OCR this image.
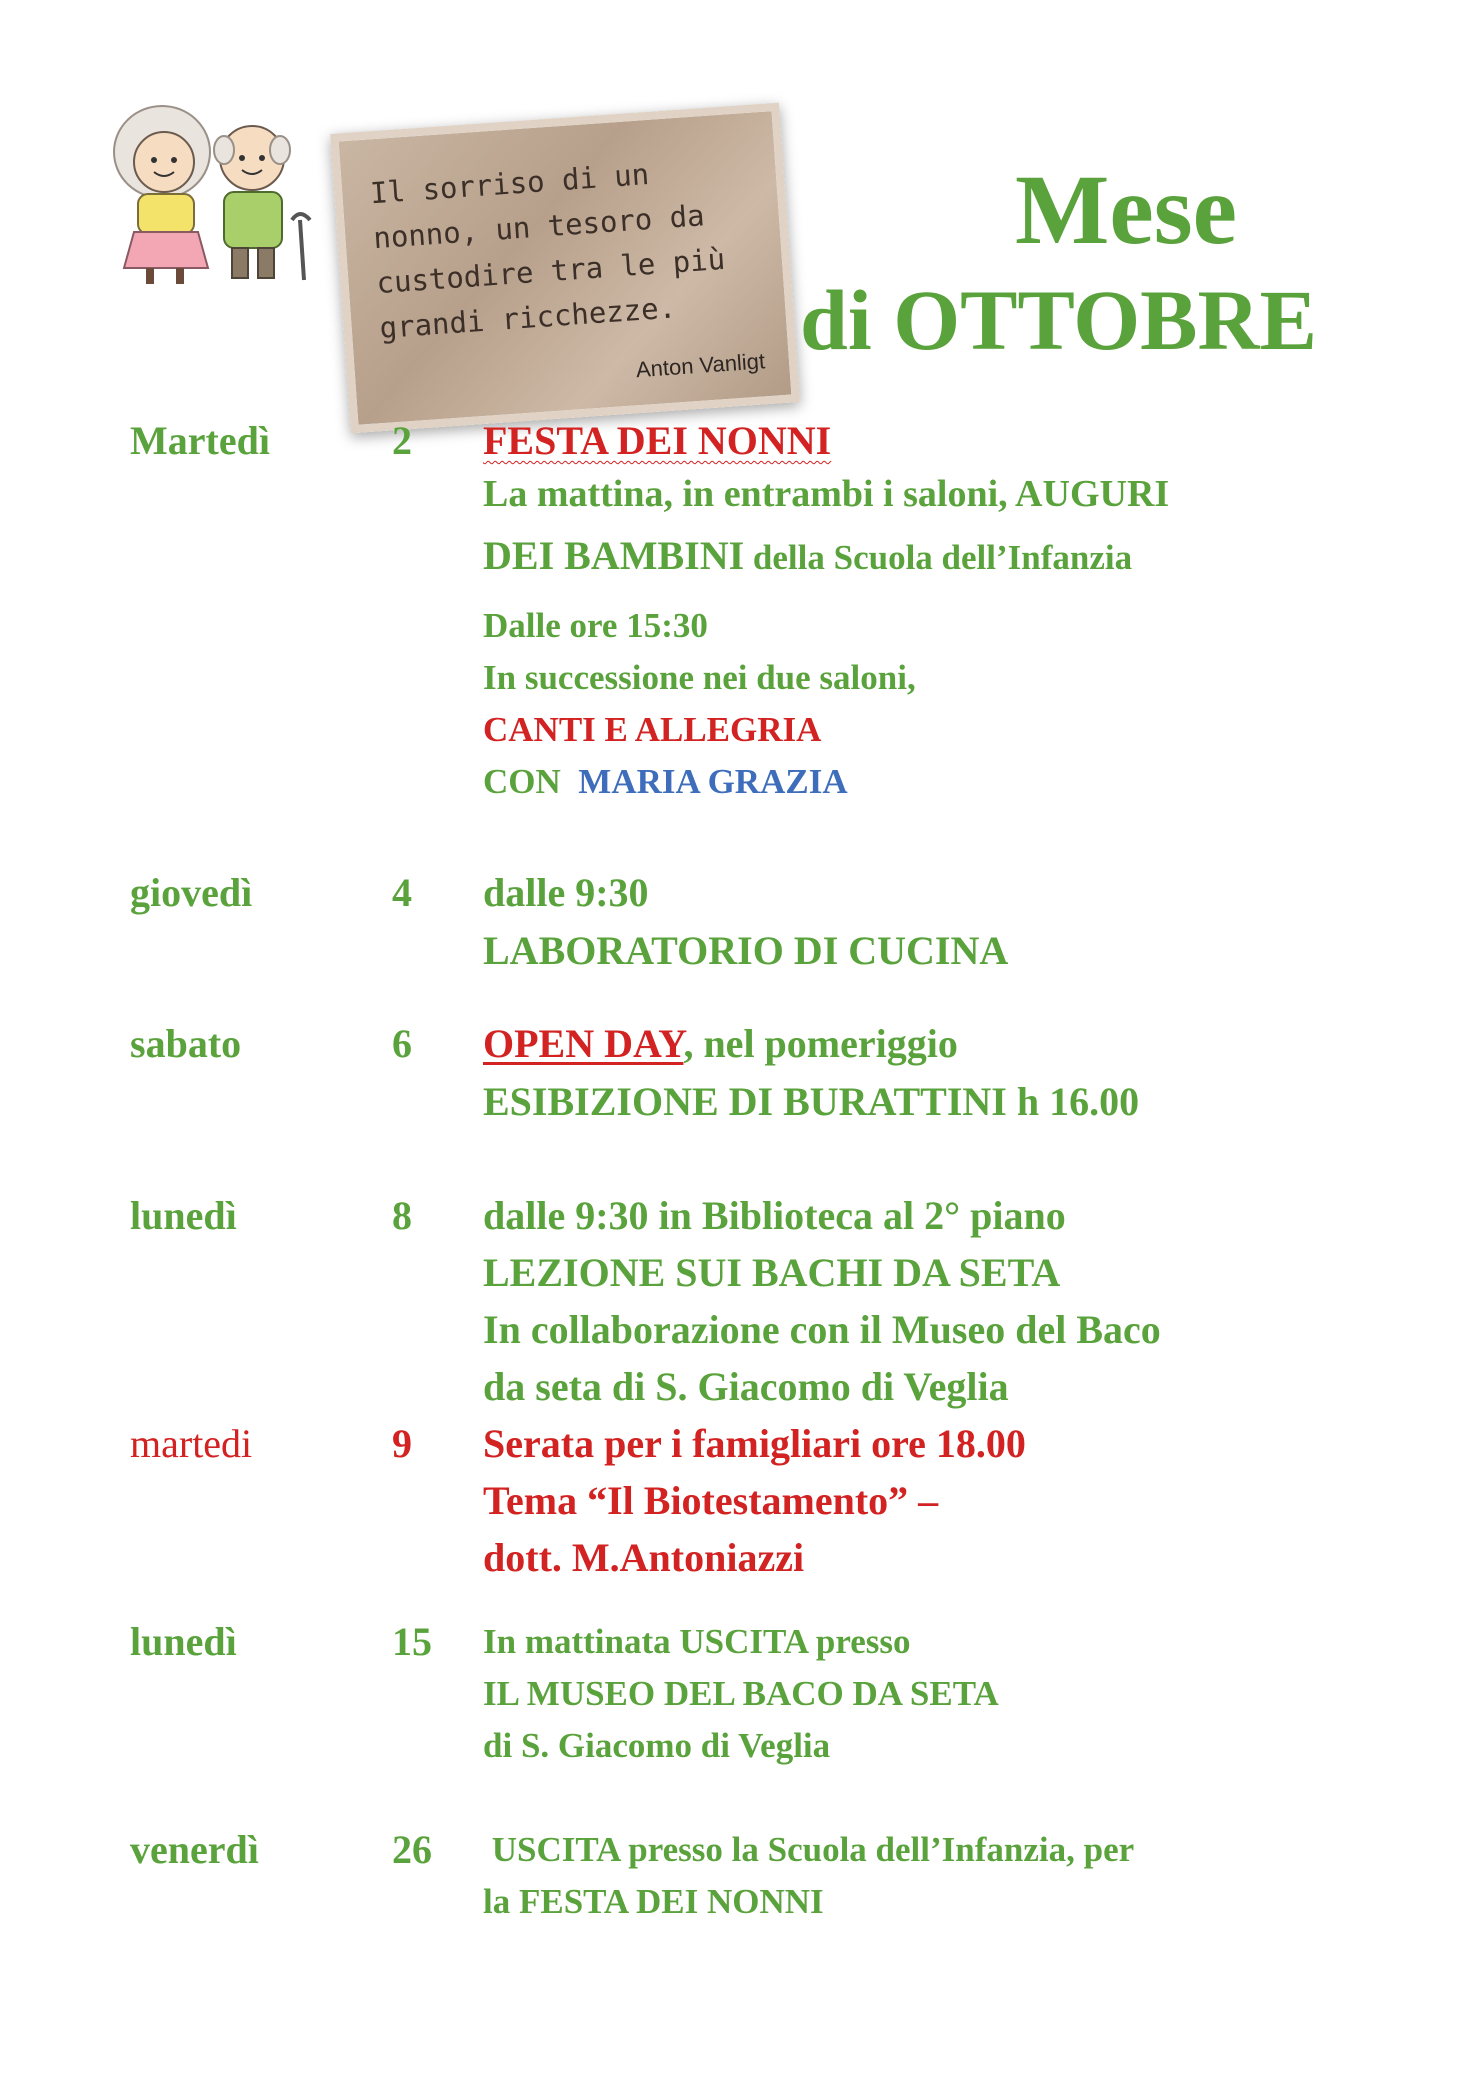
Il sorriso di un
nonno, un tesoro da
custodire tra le più
grandi ricchezze.
Anton Vanligt
Mese
di OTTOBRE
Martedì	2 FESTA DEI NONNI
La mattina, in entrambi i saloni, AUGURI
DEI BAMBINI della Scuola dell’Infanzia
Dalle ore 15:30
In successione nei due saloni,
CANTI E ALLEGRIA
CON  MARIA GRAZIA
giovedì	4 dalle 9:30
LABORATORIO DI CUCINA
sabato	6 OPEN DAY, nel pomeriggio
ESIBIZIONE DI BURATTINI h 16.00
lunedì	8 dalle 9:30 in Biblioteca al 2° piano
LEZIONE SUI BACHI DA SETA
In collaborazione con il Museo del Baco
da seta di S. Giacomo di Veglia
martedi	9 Serata per i famigliari ore 18.00
Tema “Il Biotestamento” –
dott. M.Antoniazzi
lunedì	15 In mattinata USCITA presso
IL MUSEO DEL BACO DA SETA
di S. Giacomo di Veglia
venerdì	26 USCITA presso la Scuola dell’Infanzia, per
la FESTA DEI NONNI
